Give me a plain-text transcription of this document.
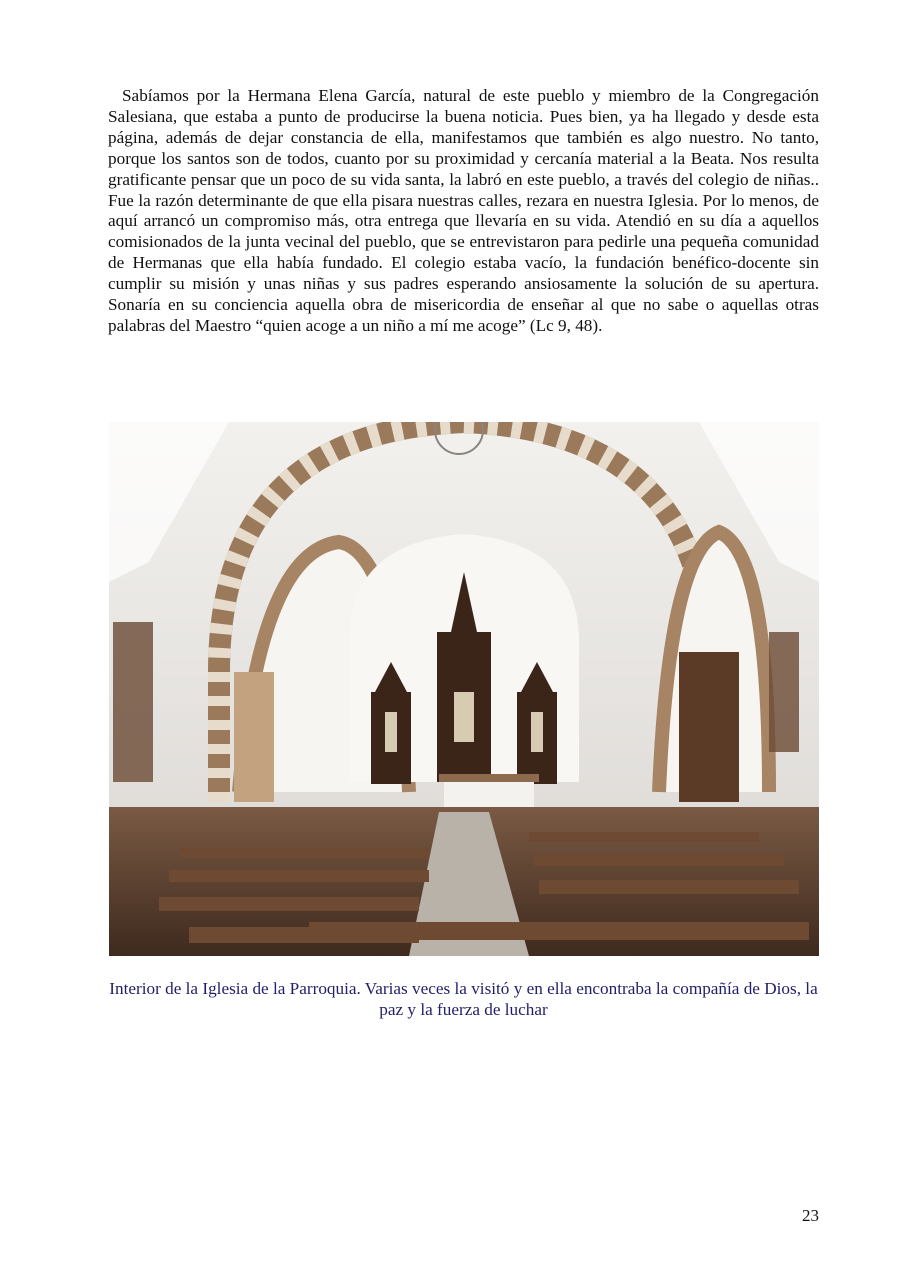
Sabíamos por la Hermana Elena García, natural de este pueblo y miembro de la Congregación Salesiana, que estaba a punto de producirse la buena noticia. Pues bien, ya ha llegado y desde esta página, además de dejar constancia de ella, manifestamos que también es algo nuestro. No tanto, porque los santos son de todos, cuanto por su proximidad y cercanía material a la Beata. Nos resulta gratificante pensar que un poco de su vida santa, la labró en este pueblo, a través del colegio de niñas.. Fue la razón determinante de que ella pisara nuestras calles, rezara en nuestra Iglesia. Por lo menos, de aquí arrancó un compromiso más, otra entrega que llevaría en su vida. Atendió en su día a aquellos comisionados de la junta vecinal del pueblo, que se entrevistaron para pedirle una pequeña comunidad de Hermanas que ella había fundado. El colegio estaba vacío, la fundación benéfico-docente sin cumplir su misión y unas niñas y sus padres esperando ansiosamente la solución de su apertura. Sonaría en su conciencia aquella obra de misericordia de enseñar al que no sabe o aquellas otras palabras del Maestro “quien acoge a un niño a mí me acoge” (Lc 9, 48).

Interior de la Iglesia de la Parroquia. Varias veces la visitó y en ella encontraba la compañía de Dios, la paz y la fuerza de luchar

23
